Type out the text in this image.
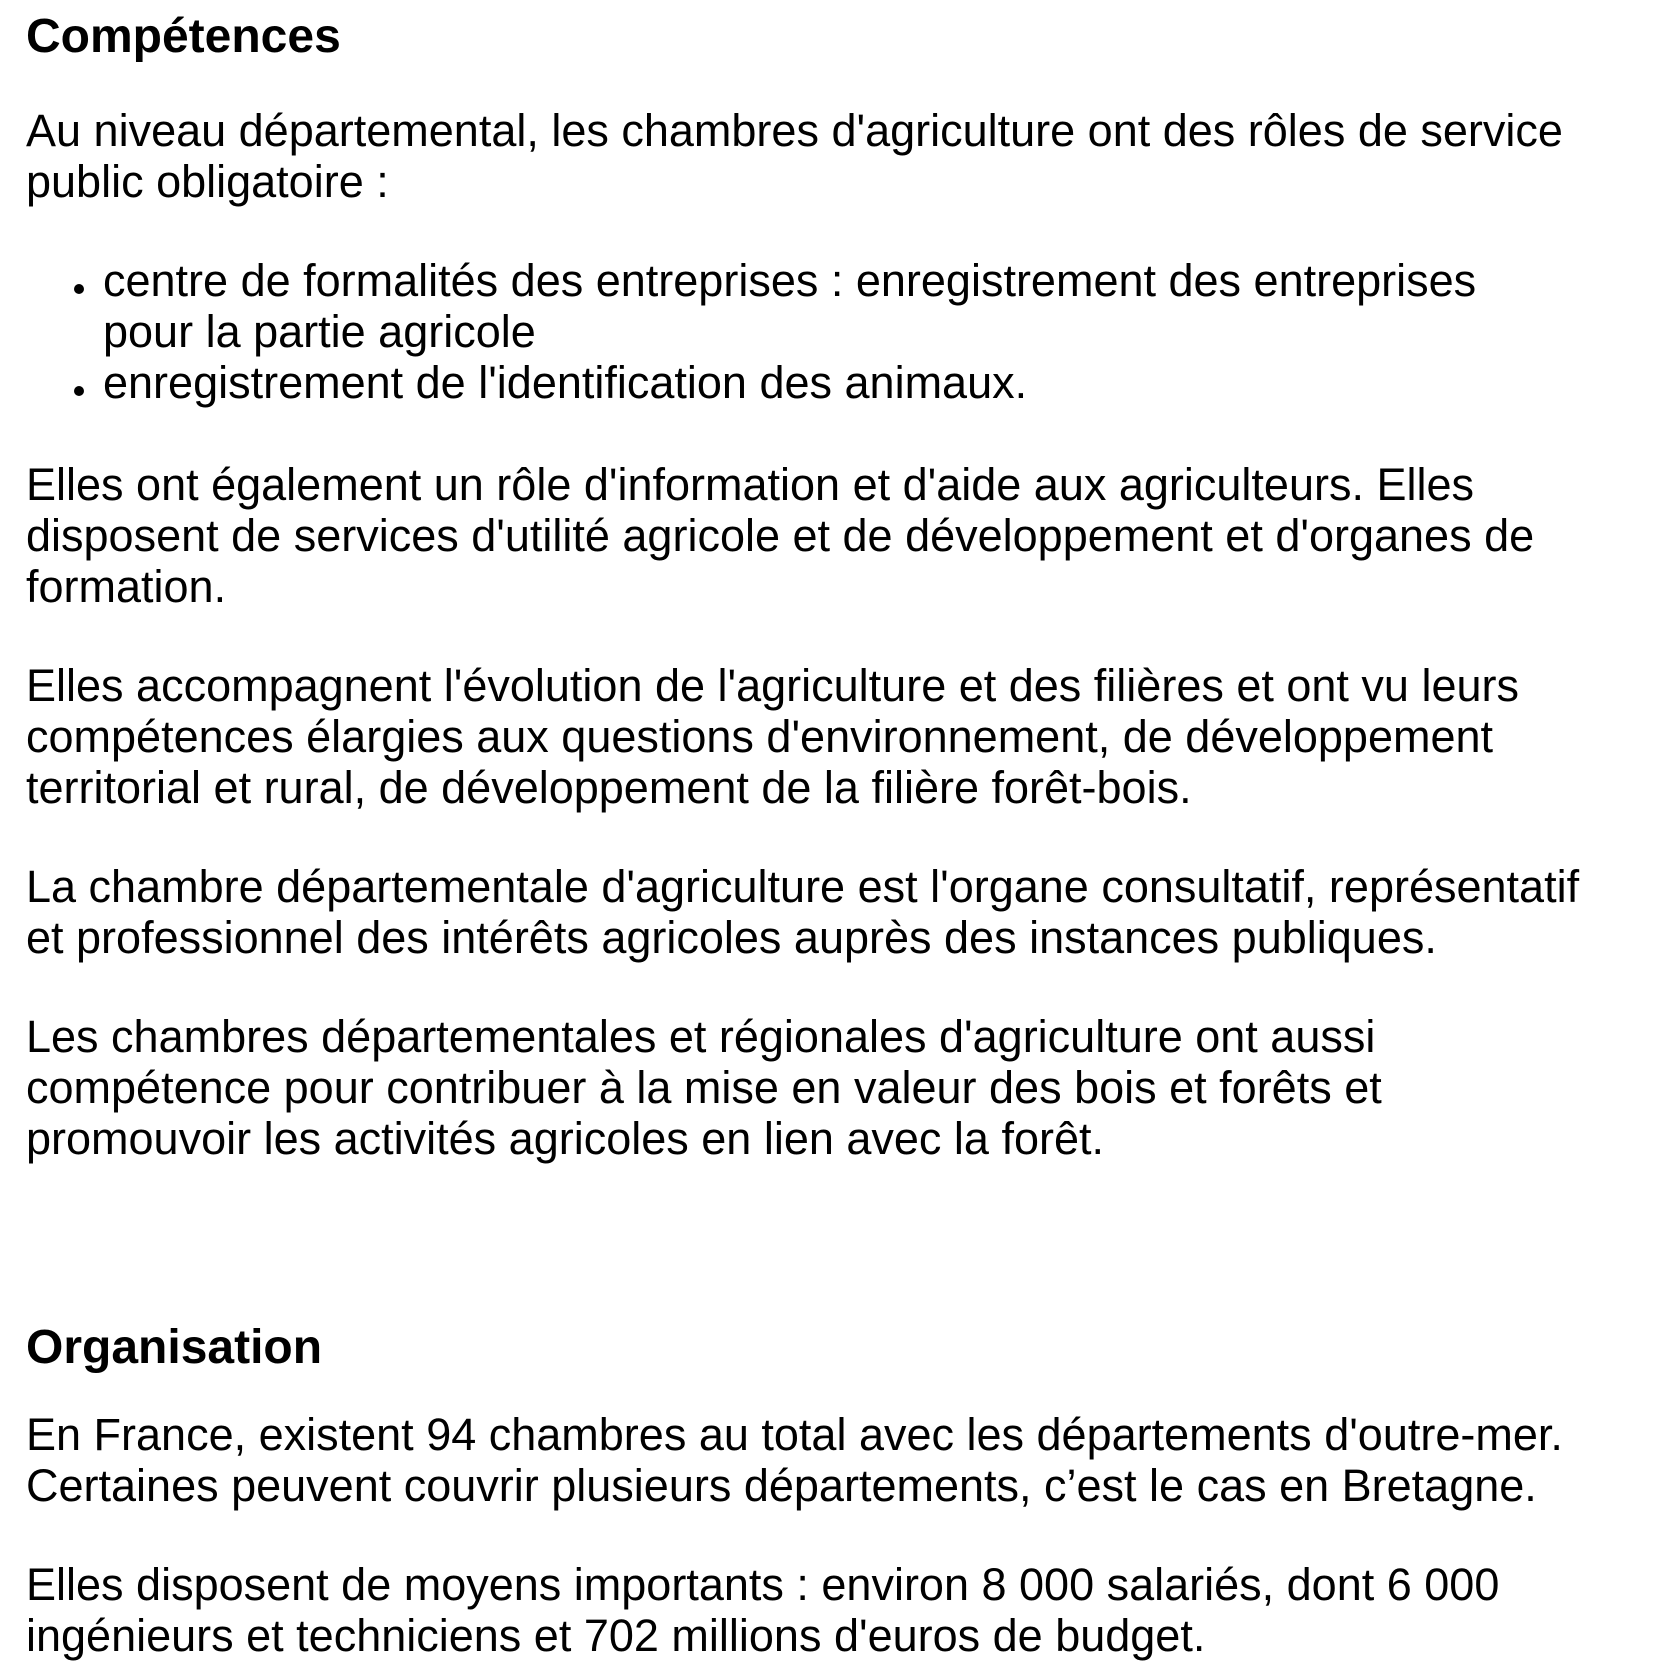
Compétences

Au niveau départemental, les chambres d'agriculture ont des rôles de service
public obligatoire :

centre de formalités des entreprises : enregistrement des entreprises
pour la partie agricole
enregistrement de l'identification des animaux.

Elles ont également un rôle d'information et d'aide aux agriculteurs. Elles
disposent de services d'utilité agricole et de développement et d'organes de
formation.

Elles accompagnent l'évolution de l'agriculture et des filières et ont vu leurs
compétences élargies aux questions d'environnement, de développement
territorial et rural, de développement de la filière forêt-bois.

La chambre départementale d'agriculture est l'organe consultatif, représentatif
et professionnel des intérêts agricoles auprès des instances publiques.

Les chambres départementales et régionales d'agriculture ont aussi
compétence pour contribuer à la mise en valeur des bois et forêts et
promouvoir les activités agricoles en lien avec la forêt.

Organisation

En France, existent 94 chambres au total avec les départements d'outre-mer.
Certaines peuvent couvrir plusieurs départements, c’est le cas en Bretagne.

Elles disposent de moyens importants : environ 8 000 salariés, dont 6 000
ingénieurs et techniciens et 702 millions d'euros de budget.
